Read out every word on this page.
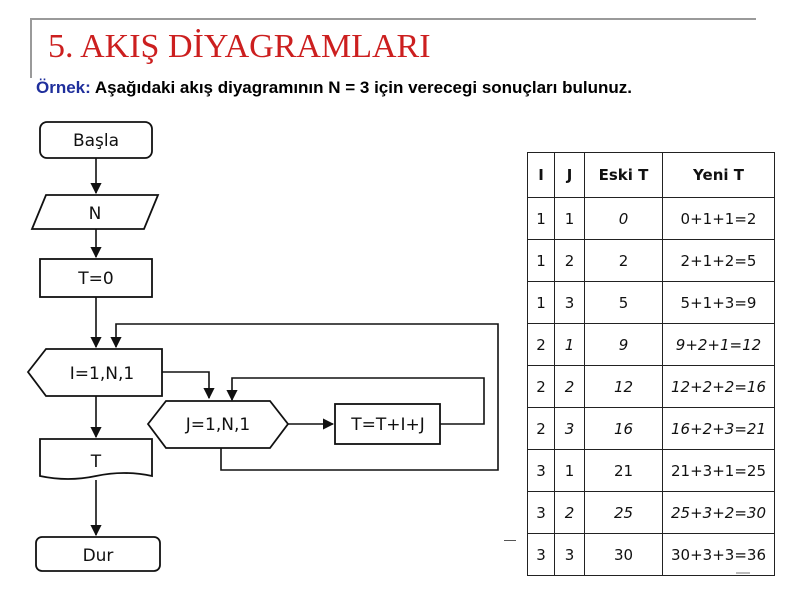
5. AKIŞ DİYAGRAMLARI

Örnek: Aşağıdaki akış diyagramının N = 3 için verecegi sonuçları bulunuz.

Başla
N
T=0
I=1,N,1
J=1,N,1	T=T+I+J
T
Dur
I	J	Eski T	Yeni T
1	1	0	0+1+1=2
1	2	2	2+1+2=5
1	3	5	5+1+3=9
2	1	9	9+2+1=12
2	2	12	12+2+2=16
2	3	16	16+2+3=21
3	1	21	21+3+1=25
3	2	25	25+3+2=30
3	3	30	30+3+3=36
